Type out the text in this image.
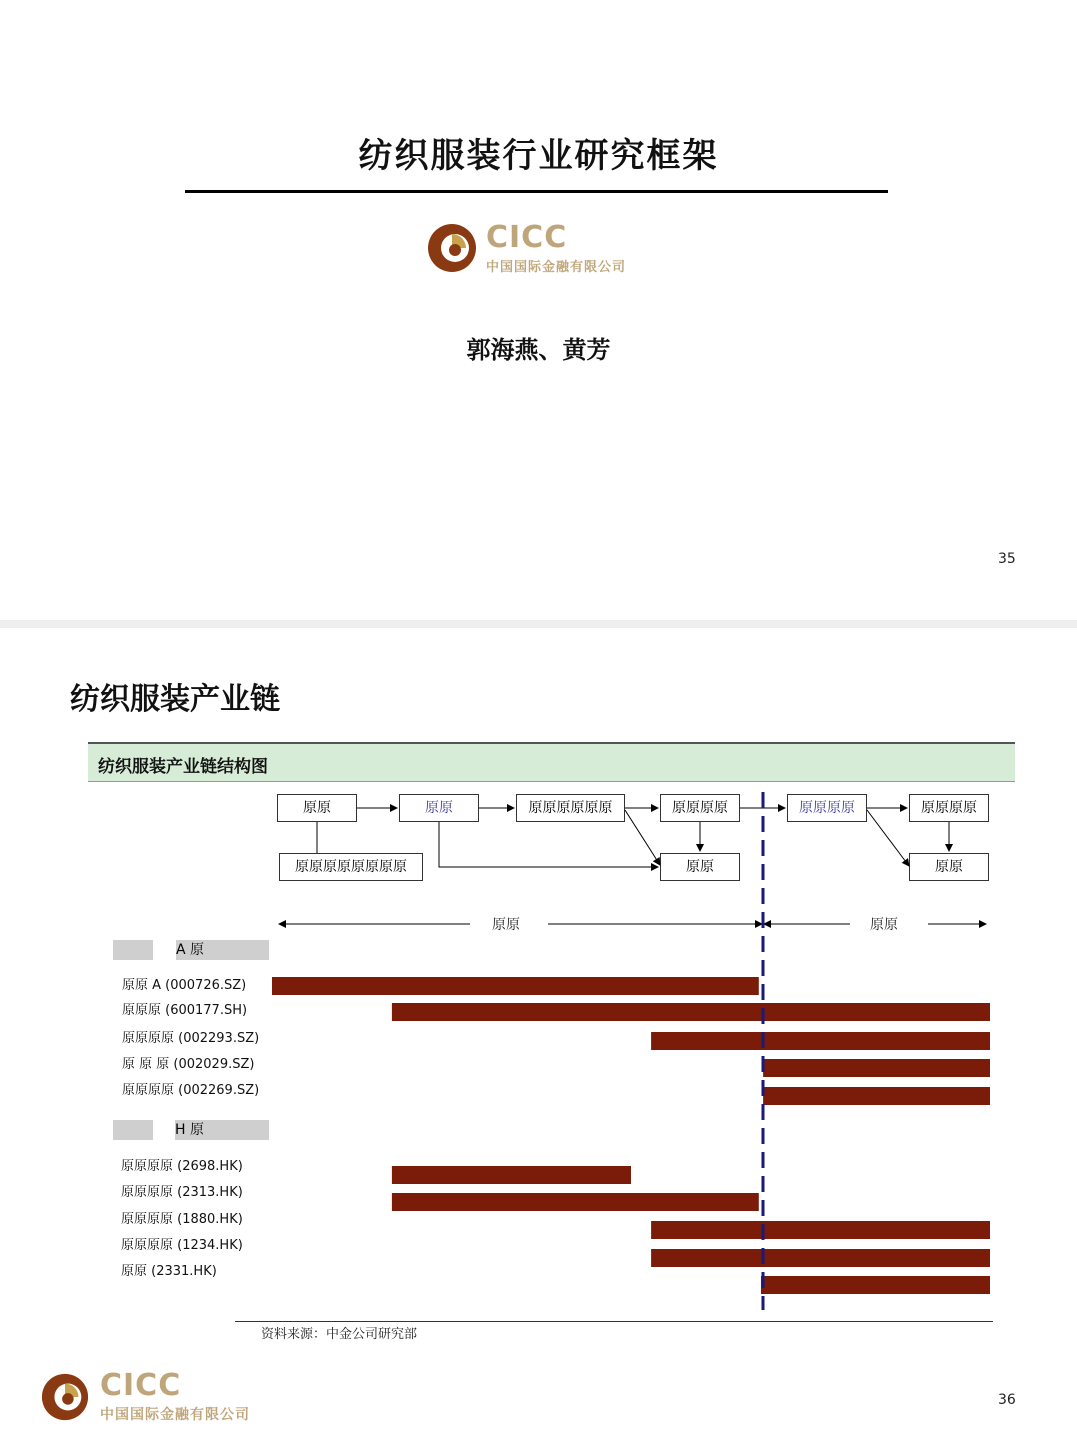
纺织服装行业研究框架
CICC
中国国际金融有限公司
郭海燕、黄芳
35
纺织服装产业链
纺织服装产业链结构图
原原	原原	原原原原原原	原原原原	原原原原	原原原原
原原原原原原原原	原原	原原
原原	原原
A 原
原原 A (000726.SZ)
原原原 (600177.SH)
原原原原 (002293.SZ)
原 原 原 (002029.SZ)
原原原原 (002269.SZ)
H 原
原原原原 (2698.HK)
原原原原 (2313.HK)
原原原原 (1880.HK)
原原原原 (1234.HK)
原原 (2331.HK)
资料来源：中金公司研究部
CICC
中国国际金融有限公司
36
